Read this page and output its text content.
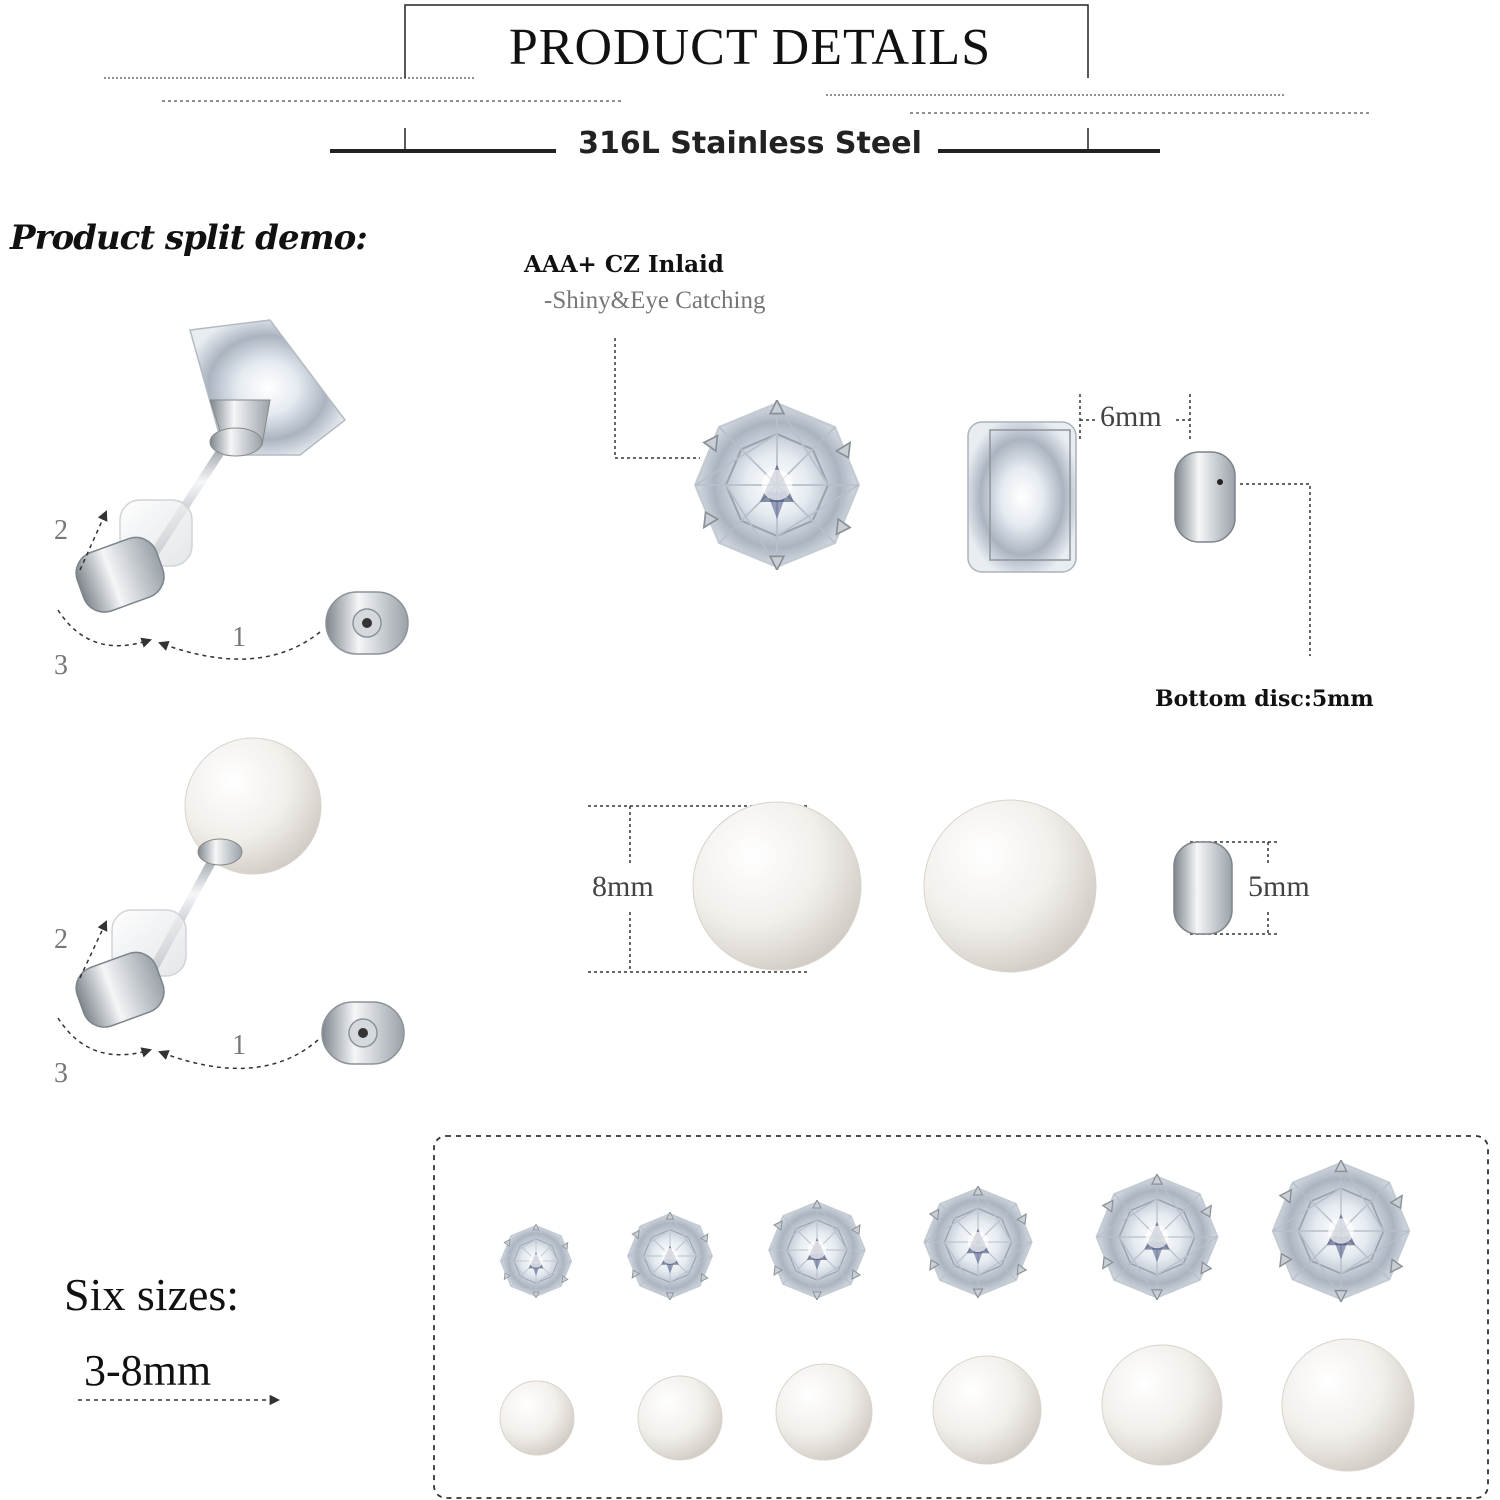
PRODUCT DETAILS
316L Stainless Steel
Product split demo:
AAA+ CZ Inlaid
-Shiny&Eye Catching
6mm
Bottom disc:5mm
8mm	5mm
1
2
3
1
2
3
Six sizes:
3-8mm
